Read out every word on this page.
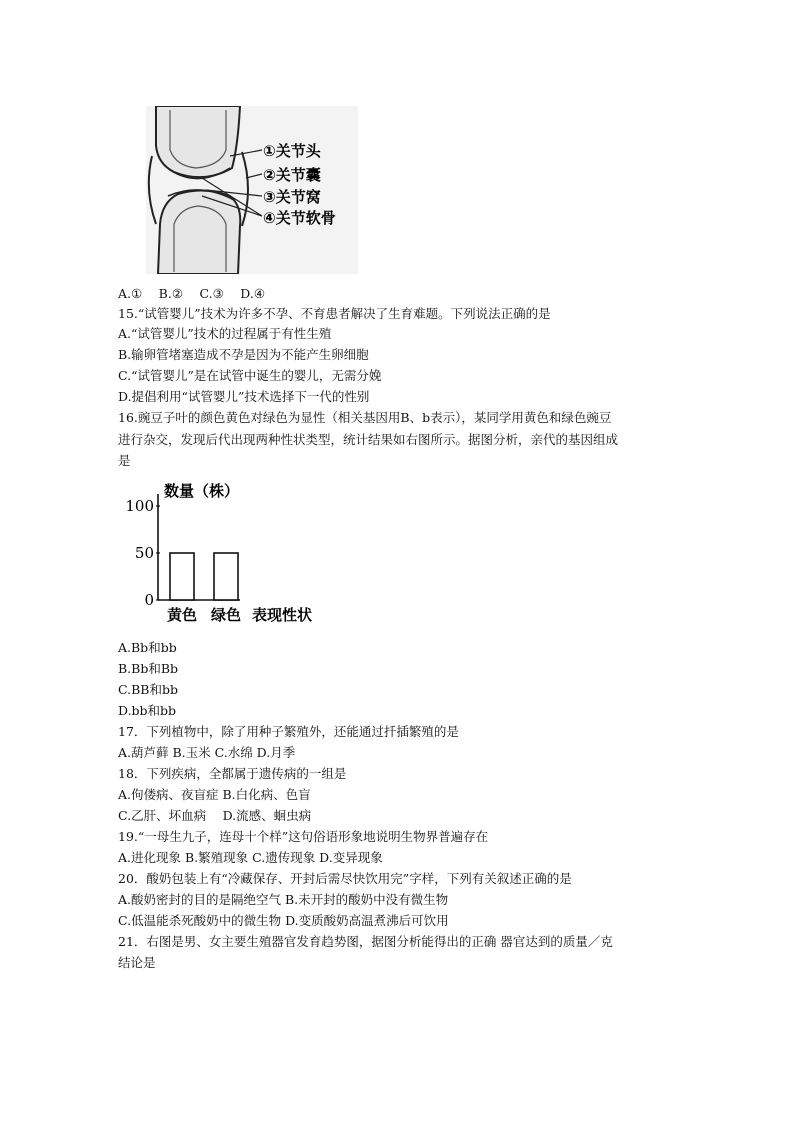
①关节头
②关节囊
③关节窝
④关节软骨
A.①　 B.②　 C.③　 D.④
15.“试管婴儿”技术为许多不孕、不育患者解决了生育难题。下列说法正确的是
A.“试管婴儿”技术的过程属于有性生殖
B.输卵管堵塞造成不孕是因为不能产生卵细胞
C.“试管婴儿”是在试管中诞生的婴儿，无需分娩
D.提倡利用“试管婴儿”技术选择下一代的性别
16.豌豆子叶的颜色黄色对绿色为显性（相关基因用B、b表示），某同学用黄色和绿色豌豆
进行杂交，发现后代出现两种性状类型，统计结果如右图所示。据图分析，亲代的基因组成
是
100
50
0
数量（株）
黄色 绿色 表现性状
A.Bb和bb
B.Bb和Bb
C.BB和bb
D.bb和bb
17．下列植物中，除了用种子繁殖外，还能通过扦插繁殖的是
A.葫芦藓 B.玉米 C.水绵 D.月季
18．下列疾病，全都属于遗传病的一组是
A.佝偻病、夜盲症 B.白化病、色盲
C.乙肝、坏血病　 D.流感、蛔虫病
19.“一母生九子，连母十个样”这句俗语形象地说明生物界普遍存在
A.进化现象 B.繁殖现象 C.遗传现象 D.变异现象
20．酸奶包装上有“冷藏保存、开封后需尽快饮用完”字样，下列有关叙述正确的是
A.酸奶密封的目的是隔绝空气 B.未开封的酸奶中没有微生物
C.低温能杀死酸奶中的微生物 D.变质酸奶高温煮沸后可饮用
21．右图是男、女主要生殖器官发育趋势图，据图分析能得出的正确 器官达到的质量／克
结论是
